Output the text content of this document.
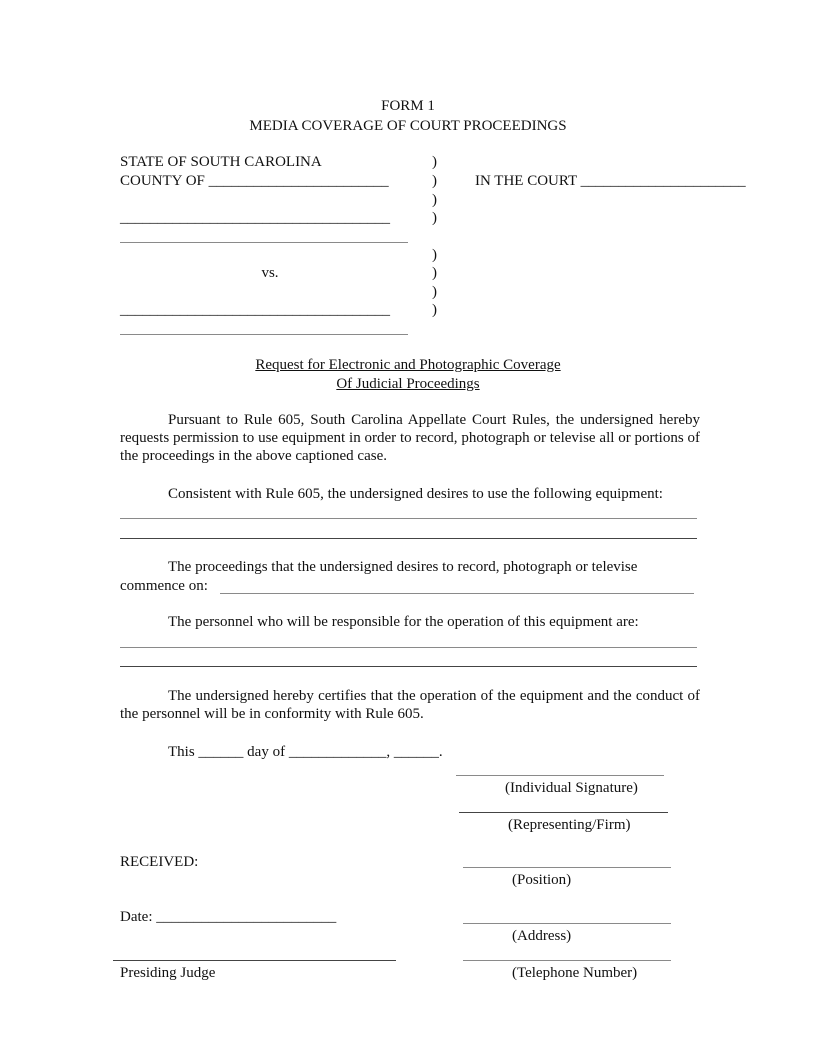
FORM 1
MEDIA COVERAGE OF COURT PROCEEDINGS
STATE OF SOUTH CAROLINA
COUNTY OF ________________________	IN THE COURT ______________________
)
)
)
)
)
)
)
)
____________________________________
vs.
____________________________________
Request for Electronic and Photographic Coverage
Of Judicial Proceedings
Pursuant to Rule 605, South Carolina Appellate Court Rules, the undersigned hereby requests permission to use equipment in order to record, photograph or televise all or portions of the proceedings in the above captioned case.
Consistent with Rule 605, the undersigned desires to use the following equipment:
The proceedings that the undersigned desires to record, photograph or televise
commence on:
The personnel who will be responsible for the operation of this equipment are:
The undersigned hereby certifies that the operation of the equipment and the conduct of the personnel will be in conformity with Rule 605.
This ______ day of _____________, ______.
(Individual Signature)
(Representing/Firm)
(Position)
(Address)
(Telephone Number)
RECEIVED:
Date: ________________________
Presiding Judge
